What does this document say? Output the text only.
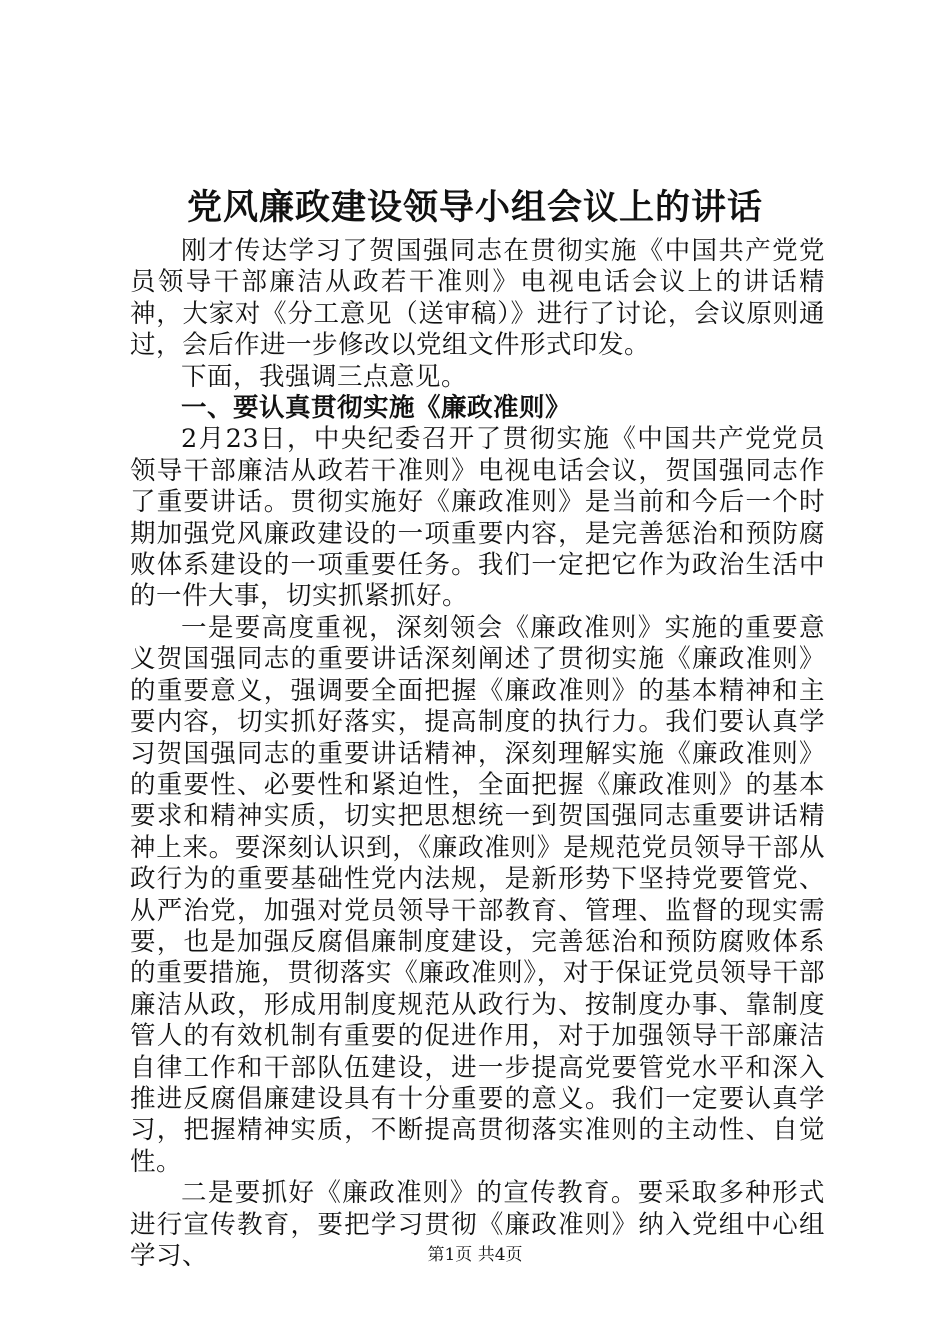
党风廉政建设领导小组会议上的讲话

刚才传达学习了贺国强同志在贯彻实施《中国共产党党员领导干部廉洁从政若干准则》电视电话会议上的讲话精神，大家对《分工意见（送审稿）》进行了讨论，会议原则通过，会后作进一步修改以党组文件形式印发。

下面，我强调三点意见。

一、要认真贯彻实施《廉政准则》

2月23日，中央纪委召开了贯彻实施《中国共产党党员领导干部廉洁从政若干准则》电视电话会议，贺国强同志作了重要讲话。贯彻实施好《廉政准则》是当前和今后一个时期加强党风廉政建设的一项重要内容，是完善惩治和预防腐败体系建设的一项重要任务。我们一定把它作为政治生活中的一件大事，切实抓紧抓好。

一是要高度重视，深刻领会《廉政准则》实施的重要意义贺国强同志的重要讲话深刻阐述了贯彻实施《廉政准则》的重要意义，强调要全面把握《廉政准则》的基本精神和主要内容，切实抓好落实，提高制度的执行力。我们要认真学习贺国强同志的重要讲话精神，深刻理解实施《廉政准则》的重要性、必要性和紧迫性，全面把握《廉政准则》的基本要求和精神实质，切实把思想统一到贺国强同志重要讲话精神上来。要深刻认识到，《廉政准则》是规范党员领导干部从政行为的重要基础性党内法规，是新形势下坚持党要管党、从严治党，加强对党员领导干部教育、管理、监督的现实需要，也是加强反腐倡廉制度建设，完善惩治和预防腐败体系的重要措施，贯彻落实《廉政准则》，对于保证党员领导干部廉洁从政，形成用制度规范从政行为、按制度办事、靠制度管人的有效机制有重要的促进作用，对于加强领导干部廉洁自律工作和干部队伍建设，进一步提高党要管党水平和深入推进反腐倡廉建设具有十分重要的意义。我们一定要认真学习，把握精神实质，不断提高贯彻落实准则的主动性、自觉性。

二是要抓好《廉政准则》的宣传教育。要采取多种形式进行宣传教育，要把学习贯彻《廉政准则》纳入党组中心组学习、	第1页 共4页
